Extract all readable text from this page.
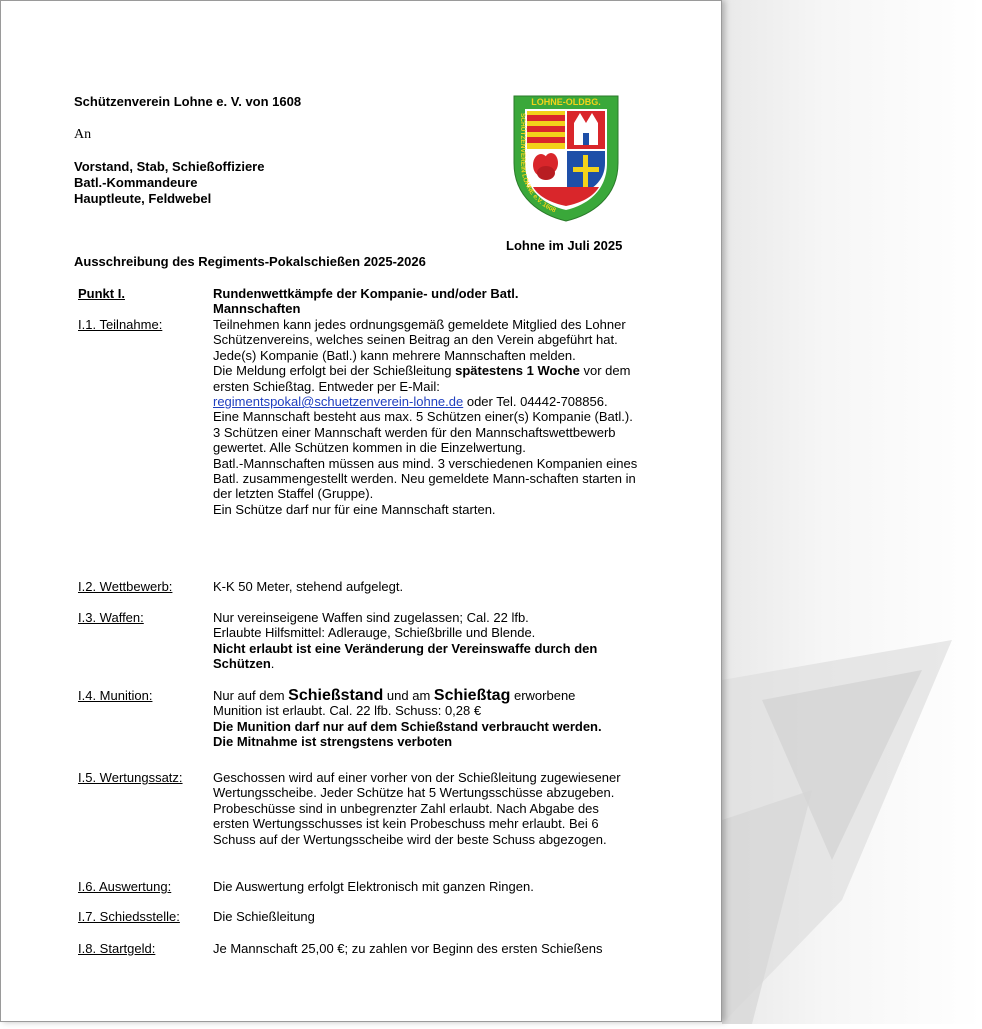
Schützenverein Lohne e. V. von 1608
An
Vorstand, Stab, Schießoffiziere
Batl.-Kommandeure
Hauptleute, Feldwebel
LOHNE-OLDBG.
SCHÜTZENVEREIN LOHNE e.V. 1608
Lohne im Juli 2025
Ausschreibung des Regiments-Pokalschießen 2025-2026
Punkt I.	Rundenwettkämpfe der Kompanie- und/oder Batl. Mannschaften
I.1. Teilnahme:	Teilnehmen kann jedes ordnungsgemäß gemeldete Mitglied des Lohner Schützenvereins, welches seinen Beitrag an den Verein abgeführt hat. Jede(s) Kompanie (Batl.) kann mehrere Mannschaften melden.

Die Meldung erfolgt bei der Schießleitung spätestens 1 Woche vor dem ersten Schießtag. Entweder per E-Mail:

regimentspokal@schuetzenverein-lohne.de oder Tel. 04442-708856.

Eine Mannschaft besteht aus max. 5 Schützen einer(s) Kompanie (Batl.). 3 Schützen einer Mannschaft werden für den Mannschaftswettbewerb gewertet. Alle Schützen kommen in die Einzelwertung.

Batl.-Mannschaften müssen aus mind. 3 verschiedenen Kompanien eines Batl. zusammengestellt werden. Neu gemeldete Mann-schaften starten in der letzten Staffel (Gruppe).

Ein Schütze darf nur für eine Mannschaft starten.

I.2. Wettbewerb:	K-K 50 Meter, stehend aufgelegt.
I.3. Waffen:	Nur vereinseigene Waffen sind zugelassen; Cal. 22 lfb.

Erlaubte Hilfsmittel: Adlerauge, Schießbrille und Blende.

Nicht erlaubt ist eine Veränderung der Vereinswaffe durch den Schützen.

I.4. Munition:	Nur auf dem Schießstand und am Schießtag erworbene

Munition ist erlaubt. Cal. 22 lfb. Schuss: 0,28 €

Die Munition darf nur auf dem Schießstand verbraucht werden.

Die Mitnahme ist strengstens verboten

I.5. Wertungssatz: Geschossen wird auf einer vorher von der Schießleitung zugewiesener Wertungsscheibe. Jeder Schütze hat 5 Wertungsschüsse abzugeben. Probeschüsse sind in unbegrenzter Zahl erlaubt. Nach Abgabe des ersten Wertungsschusses ist kein Probeschuss mehr erlaubt. Bei 6 Schuss auf der Wertungsscheibe wird der beste Schuss abgezogen.
I.6. Auswertung:	Die Auswertung erfolgt Elektronisch mit ganzen Ringen.
I.7. Schiedsstelle:	Die Schießleitung
I.8. Startgeld:	Je Mannschaft 25,00 €; zu zahlen vor Beginn des ersten Schießens
